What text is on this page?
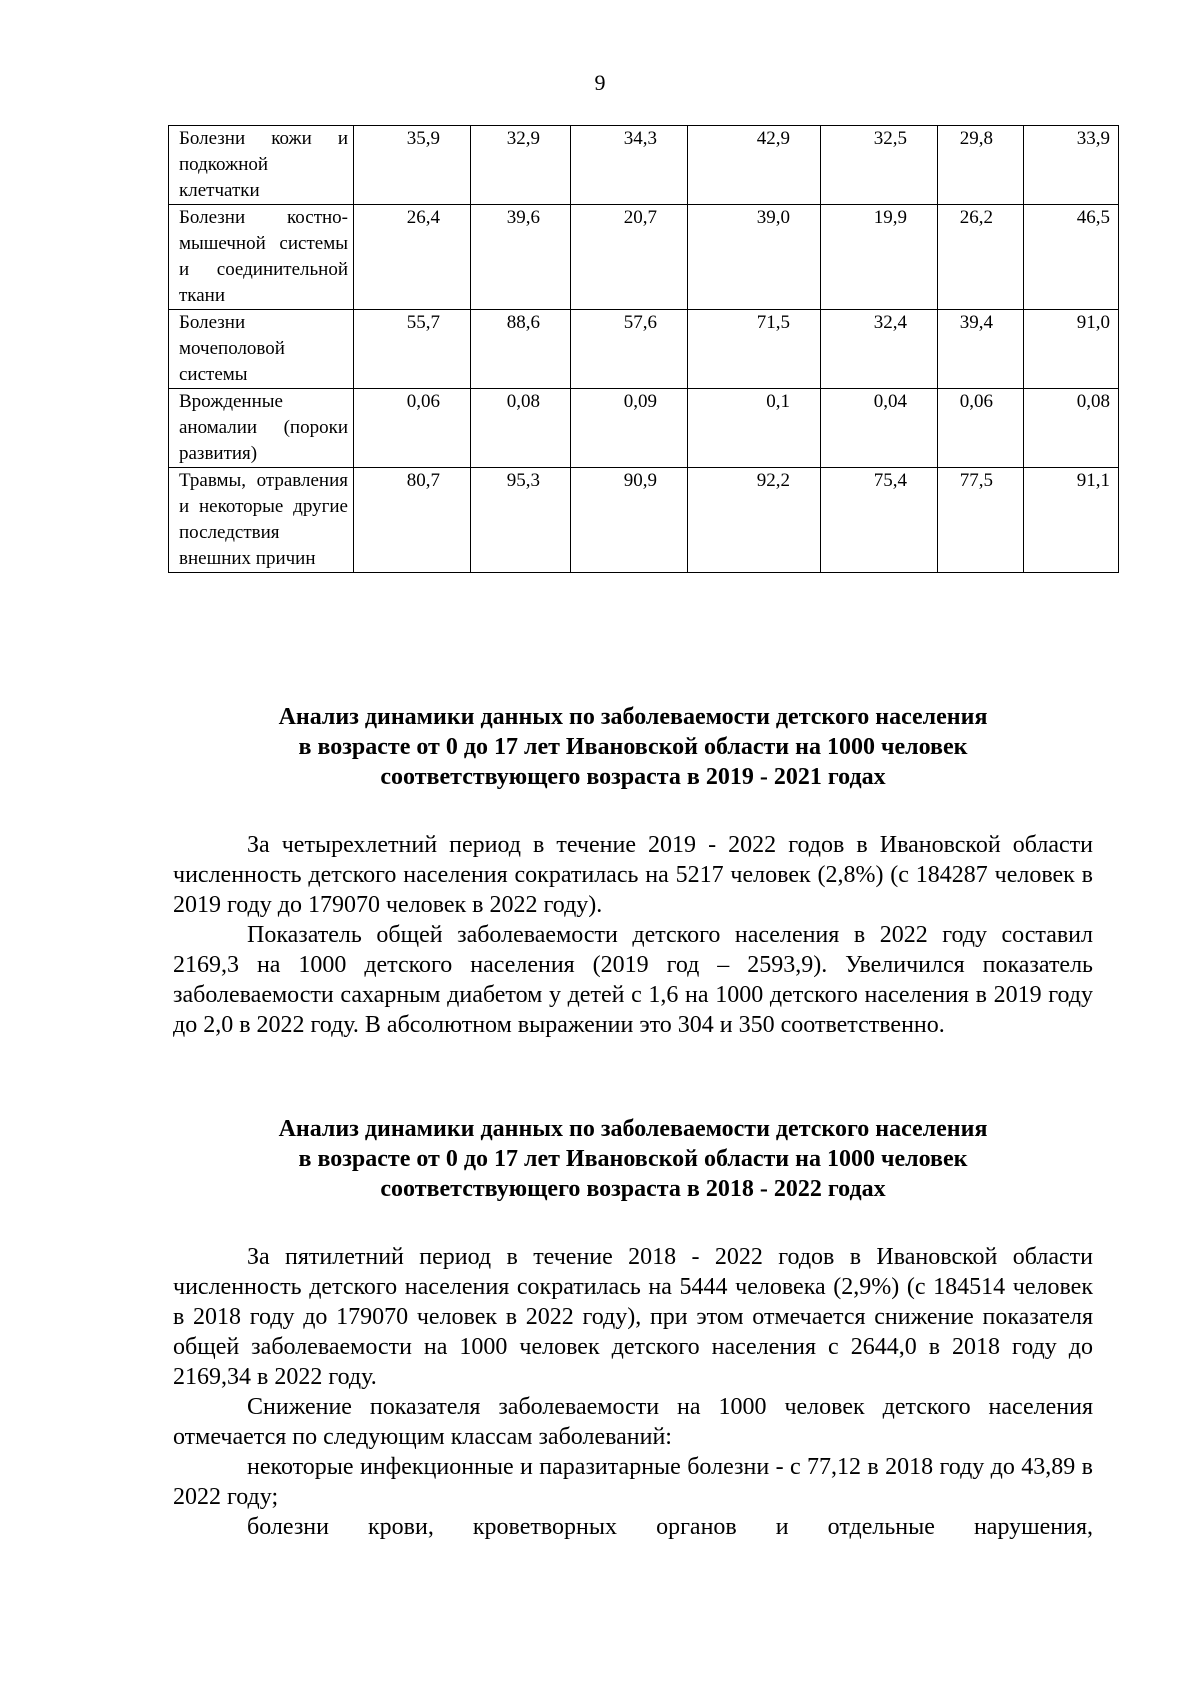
9
Болезни кожи и подкожной клетчатки	35,9	32,9	34,3	42,9	32,5	29,8	33,9
Болезни костно-мышечной системы и соединительной ткани	26,4	39,6	20,7	39,0	19,9	26,2	46,5
Болезни мочеполовой системы	55,7	88,6	57,6	71,5	32,4	39,4	91,0
Врожденные аномалии (пороки развития)	0,06	0,08	0,09	0,1	0,04	0,06	0,08
Травмы, отравления и некоторые другие последствия внешних причин	80,7	95,3	90,9	92,2	75,4	77,5	91,1
Анализ динамики данных по заболеваемости детского населения
в возрасте от 0 до 17 лет Ивановской области на 1000 человек
соответствующего возраста в 2019 - 2021 годах

За четырехлетний период в течение 2019 - 2022 годов в Ивановской области численность детского населения сократилась на 5217 человек (2,8%) (с 184287 человек в 2019 году до 179070 человек в 2022 году).

Показатель общей заболеваемости детского населения в 2022 году составил 2169,3 на 1000 детского населения (2019 год – 2593,9). Увеличился показатель заболеваемости сахарным диабетом у детей с 1,6 на 1000 детского населения в 2019 году до 2,0 в 2022 году. В абсолютном выражении это 304 и 350 соответственно.

Анализ динамики данных по заболеваемости детского населения
в возрасте от 0 до 17 лет Ивановской области на 1000 человек
соответствующего возраста в 2018 - 2022 годах

За пятилетний период в течение 2018 - 2022 годов в Ивановской области численность детского населения сократилась на 5444 человека (2,9%) (с 184514 человек в 2018 году до 179070 человек в 2022 году), при этом отмечается снижение показателя общей заболеваемости на 1000 человек детского населения с 2644,0 в 2018 году до 2169,34 в 2022 году.

Снижение показателя заболеваемости на 1000 человек детского населения отмечается по следующим классам заболеваний:

некоторые инфекционные и паразитарные болезни - с 77,12 в 2018 году до 43,89 в 2022 году;

болезни крови, кроветворных органов и отдельные нарушения,
